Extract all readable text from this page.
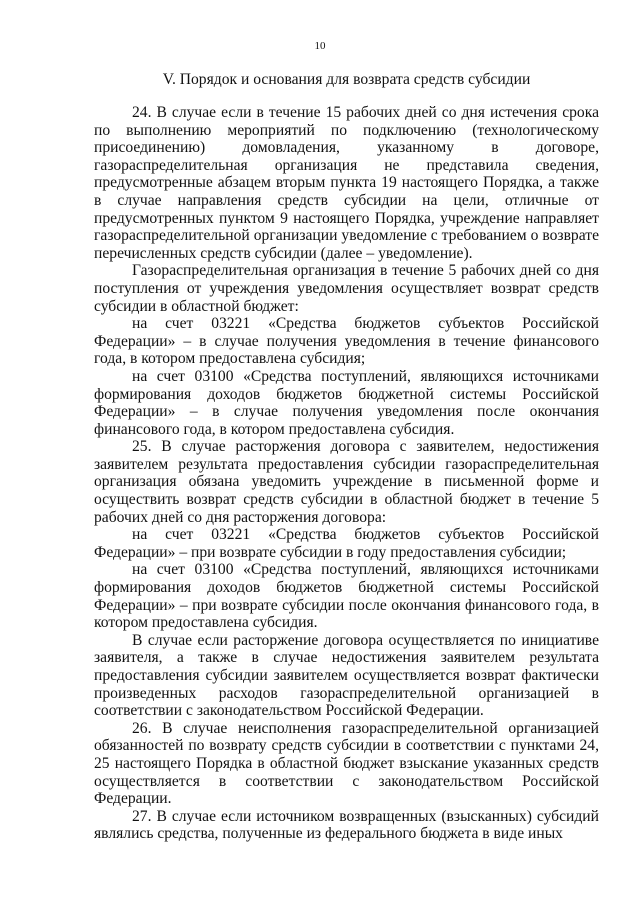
10
V. Порядок и основания для возврата средств субсидии

24. В случае если в течение 15 рабочих дней со дня истечения срока по выполнению мероприятий по подключению (технологическому присоединению) домовладения, указанному в договоре, газораспределительная организация не представила сведения, предусмотренные абзацем вторым пункта 19 настоящего Порядка, а также в случае направления средств субсидии на цели, отличные от предусмотренных пунктом 9 настоящего Порядка, учреждение направляет газораспределительной организации уведомление с требованием о возврате перечисленных средств субсидии (далее – уведомление).

Газораспределительная организация в течение 5 рабочих дней со дня поступления от учреждения уведомления осуществляет возврат средств субсидии в областной бюджет:

на счет 03221 «Средства бюджетов субъектов Российской Федерации» – в случае получения уведомления в течение финансового года, в котором предоставлена субсидия;

на счет 03100 «Средства поступлений, являющихся источниками формирования доходов бюджетов бюджетной системы Российской Федерации» – в случае получения уведомления после окончания финансового года, в котором предоставлена субсидия.

25. В случае расторжения договора с заявителем, недостижения заявителем результата предоставления субсидии газораспределительная организация обязана уведомить учреждение в письменной форме и осуществить возврат средств субсидии в областной бюджет в течение 5 рабочих дней со дня расторжения договора:

на счет 03221 «Средства бюджетов субъектов Российской Федерации» – при возврате субсидии в году предоставления субсидии;

на счет 03100 «Средства поступлений, являющихся источниками формирования доходов бюджетов бюджетной системы Российской Федерации» – при возврате субсидии после окончания финансового года, в котором предоставлена субсидия.

В случае если расторжение договора осуществляется по инициативе заявителя, а также в случае недостижения заявителем результата предоставления субсидии заявителем осуществляется возврат фактически произведенных расходов газораспределительной организацией в соответствии с законодательством Российской Федерации.

26. В случае неисполнения газораспределительной организацией обязанностей по возврату средств субсидии в соответствии с пунктами 24, 25 настоящего Порядка в областной бюджет взыскание указанных средств осуществляется в соответствии с законодательством Российской Федерации.

27. В случае если источником возвращенных (взысканных) субсидий являлись средства, полученные из федерального бюджета в виде иных
